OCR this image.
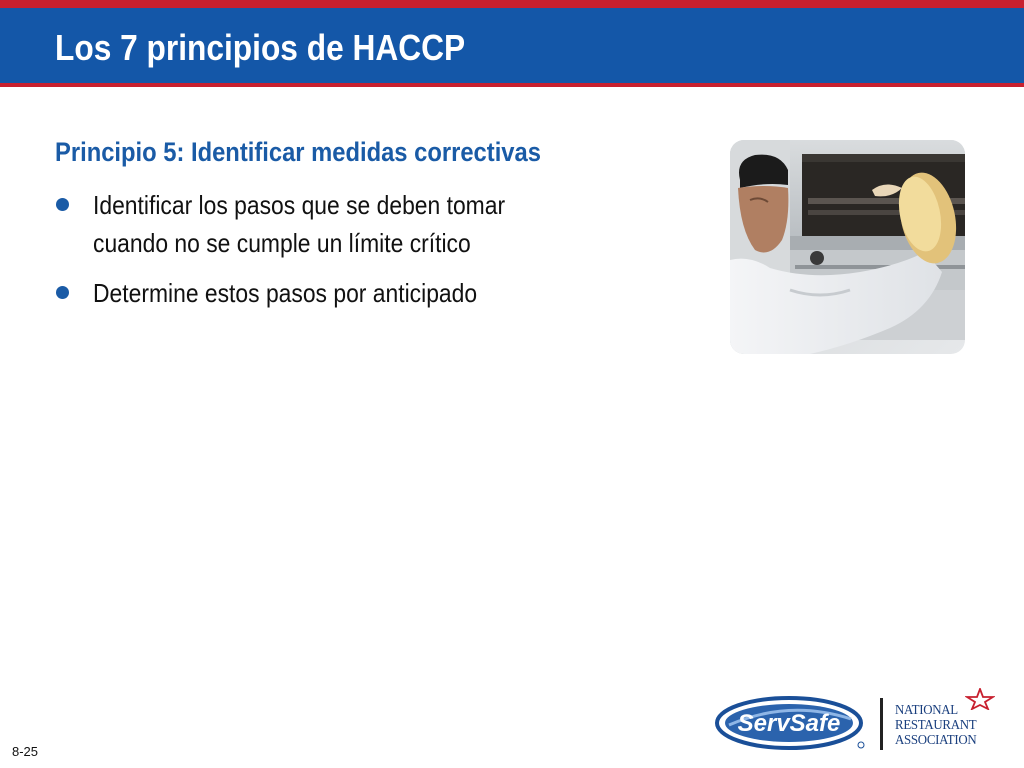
Los 7 principios de HACCP
Principio 5: Identificar medidas correctivas
Identificar los pasos que se deben tomar cuando no se cumple un límite crítico
Determine estos pasos por anticipado
8-25
ServSafe	NATIONAL
RESTAURANT
ASSOCIATION
